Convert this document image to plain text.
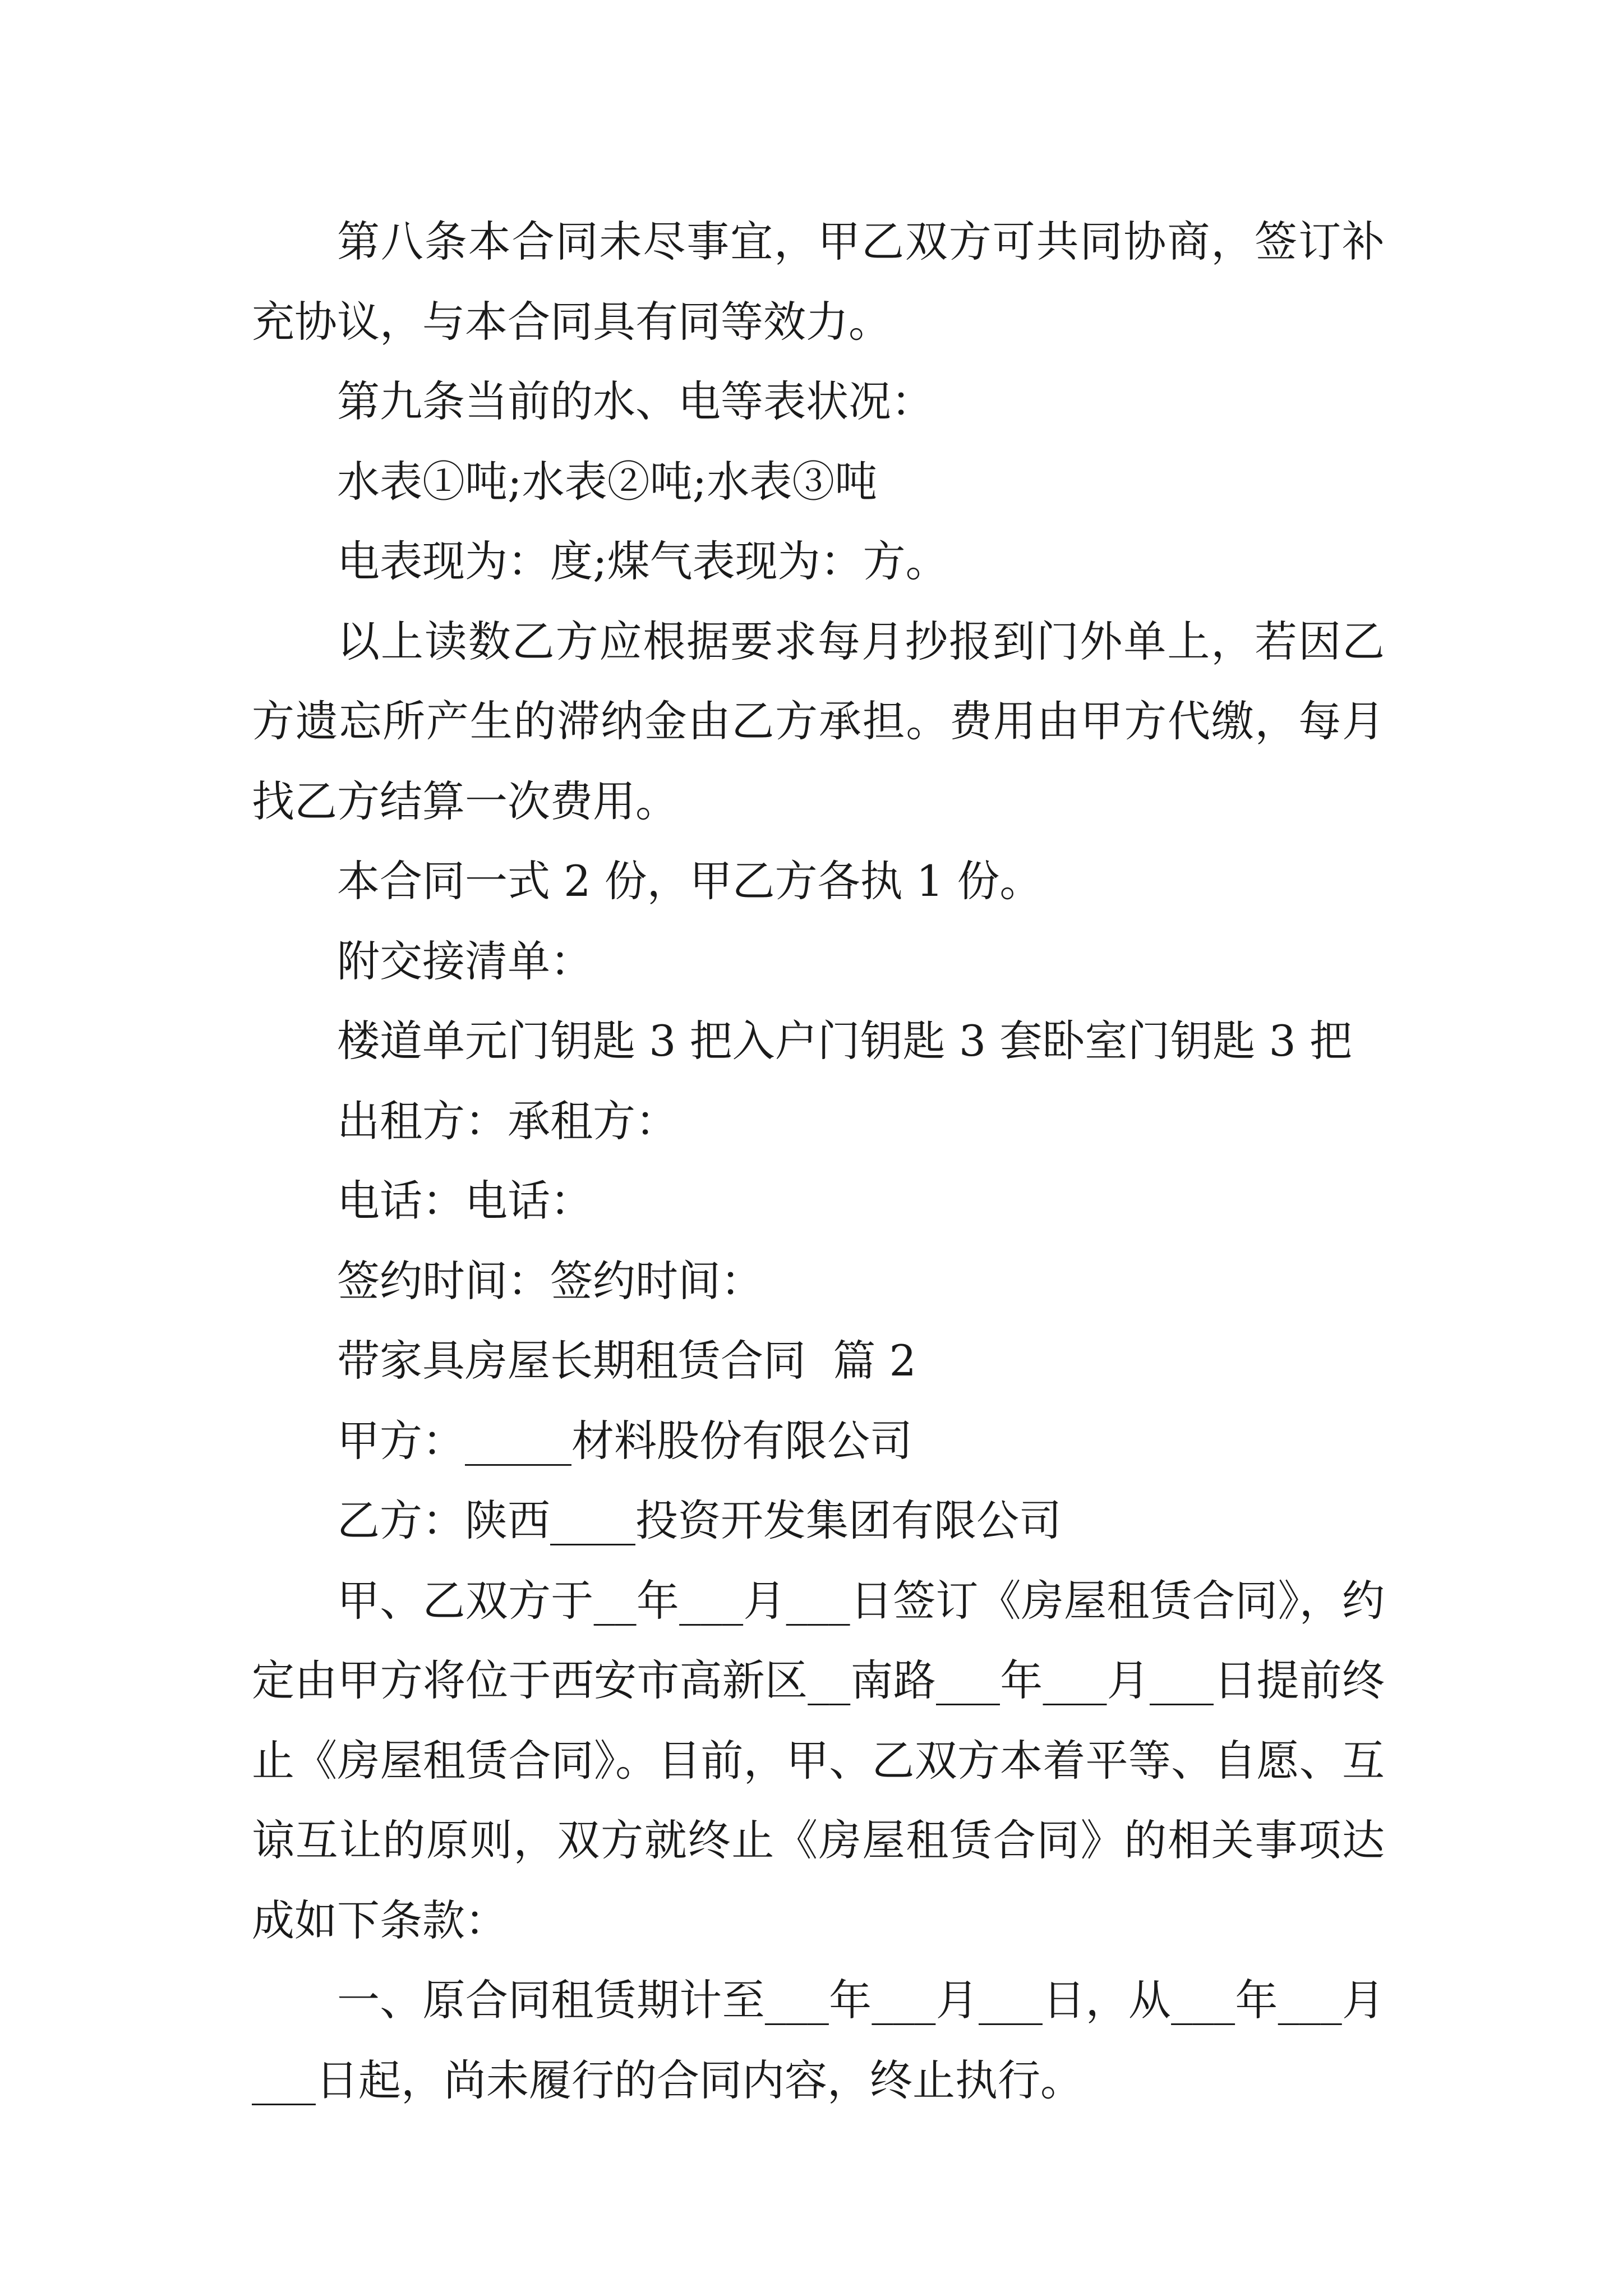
第八条本合同未尽事宜，甲乙双方可共同协商，签订补充协议，与本合同具有同等效力。

第九条当前的水、电等表状况：

水表①吨;水表②吨;水表③吨

电表现为：度;煤气表现为：方。

以上读数乙方应根据要求每月抄报到门外单上，若因乙方遗忘所产生的滞纳金由乙方承担。费用由甲方代缴，每月找乙方结算一次费用。

本合同一式 2 份，甲乙方各执 1 份。

附交接清单：

楼道单元门钥匙 3 把入户门钥匙 3 套卧室门钥匙 3 把

出租方：承租方：

电话：电话：

签约时间：签约时间：

带家具房屋长期租赁合同  篇 2

甲方：_____材料股份有限公司

乙方：陕西____投资开发集团有限公司

甲、乙双方于__年___月___日签订《房屋租赁合同》，约定由甲方将位于西安市高新区__南路___年___月___日提前终止《房屋租赁合同》。目前，甲、乙双方本着平等、自愿、互谅互让的原则，双方就终止《房屋租赁合同》的相关事项达成如下条款：

一、原合同租赁期计至___年___月___日，从___年___月___日起，尚未履行的合同内容，终止执行。
